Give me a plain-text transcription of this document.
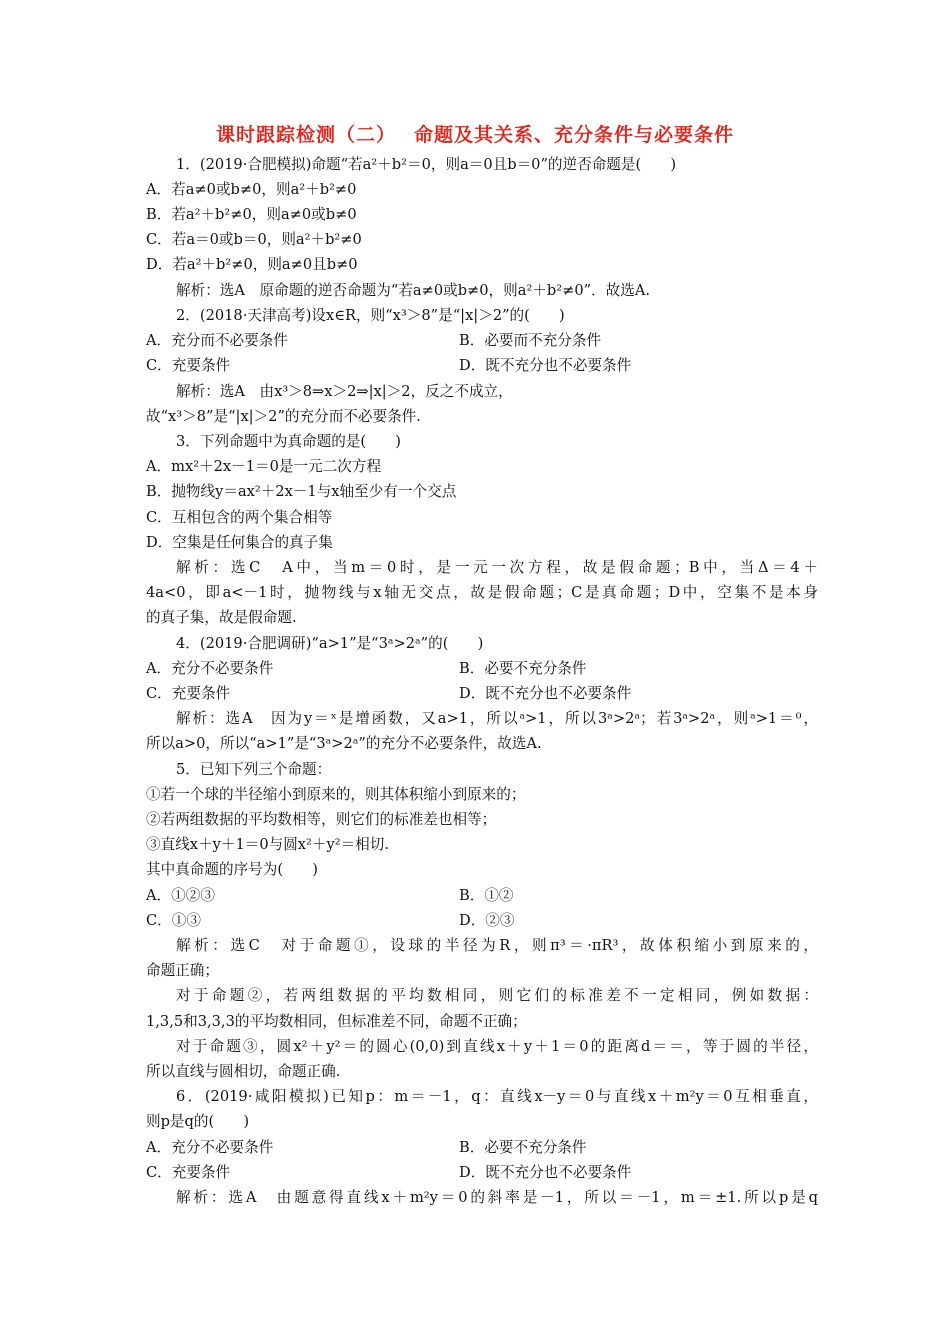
课时跟踪检测（二）　 命题及其关系、充分条件与必要条件
1．(2019·合肥模拟)命题“若a²＋b²＝0，则a＝0且b＝0”的逆否命题是(　　)
A．若a≠0或b≠0，则a²＋b²≠0
B．若a²＋b²≠0，则a≠0或b≠0
C．若a＝0或b＝0，则a²＋b²≠0
D．若a²＋b²≠0，则a≠0且b≠0
解析：选A　原命题的逆否命题为“若a≠0或b≠0，则a²＋b²≠0”．故选A.
2．(2018·天津高考)设x∈R，则“x³＞8”是“|x|＞2”的(　　)
A．充分而不必要条件	B．必要而不充分条件
C．充要条件	D．既不充分也不必要条件
解析：选A　由x³＞8⇒x＞2⇒|x|＞2，反之不成立，
故“x³＞8”是“|x|＞2”的充分而不必要条件.
3．下列命题中为真命题的是(　　)
A．mx²＋2x－1＝0是一元二次方程
B．抛物线y＝ax²＋2x－1与x轴至少有一个交点
C．互相包含的两个集合相等
D．空集是任何集合的真子集
解析：选C　A中，当m＝0时，是一元一次方程，故是假命题；B中，当Δ＝4＋
4a<0，即a<－1时，抛物线与x轴无交点，故是假命题；C是真命题；D中，空集不是本身
的真子集，故是假命题.
4．(2019·合肥调研)“a>1”是“3ᵃ>2ᵃ”的(　　)
A．充分不必要条件	B．必要不充分条件
C．充要条件	D．既不充分也不必要条件
解析：选A　因为y＝ˣ是增函数，又a>1，所以ᵃ>1，所以3ᵃ>2ᵃ；若3ᵃ>2ᵃ，则ᵃ>1＝⁰，
所以a>0，所以“a>1”是“3ᵃ>2ᵃ”的充分不必要条件，故选A.
5．已知下列三个命题：
①若一个球的半径缩小到原来的，则其体积缩小到原来的；
②若两组数据的平均数相等，则它们的标准差也相等；
③直线x＋y＋1＝0与圆x²＋y²＝相切.
其中真命题的序号为(　　)
A．①②③	B．①②
C．①③	D．②③
解析：选C　对于命题①，设球的半径为R，则π³＝·πR³，故体积缩小到原来的，
命题正确；
对于命题②，若两组数据的平均数相同，则它们的标准差不一定相同，例如数据：
1,3,5和3,3,3的平均数相同，但标准差不同，命题不正确；
对于命题③，圆x²＋y²＝的圆心(0,0)到直线x＋y＋1＝0的距离d＝＝，等于圆的半径，
所以直线与圆相切，命题正确.
6．(2019·咸阳模拟)已知p：m＝－1，q：直线x－y＝0与直线x＋m²y＝0互相垂直，
则p是q的(　　)
A．充分不必要条件	B．必要不充分条件
C．充要条件	D．既不充分也不必要条件
解析：选A　由题意得直线x＋m²y＝0的斜率是－1，所以＝－1，m＝±1.所以p是q
